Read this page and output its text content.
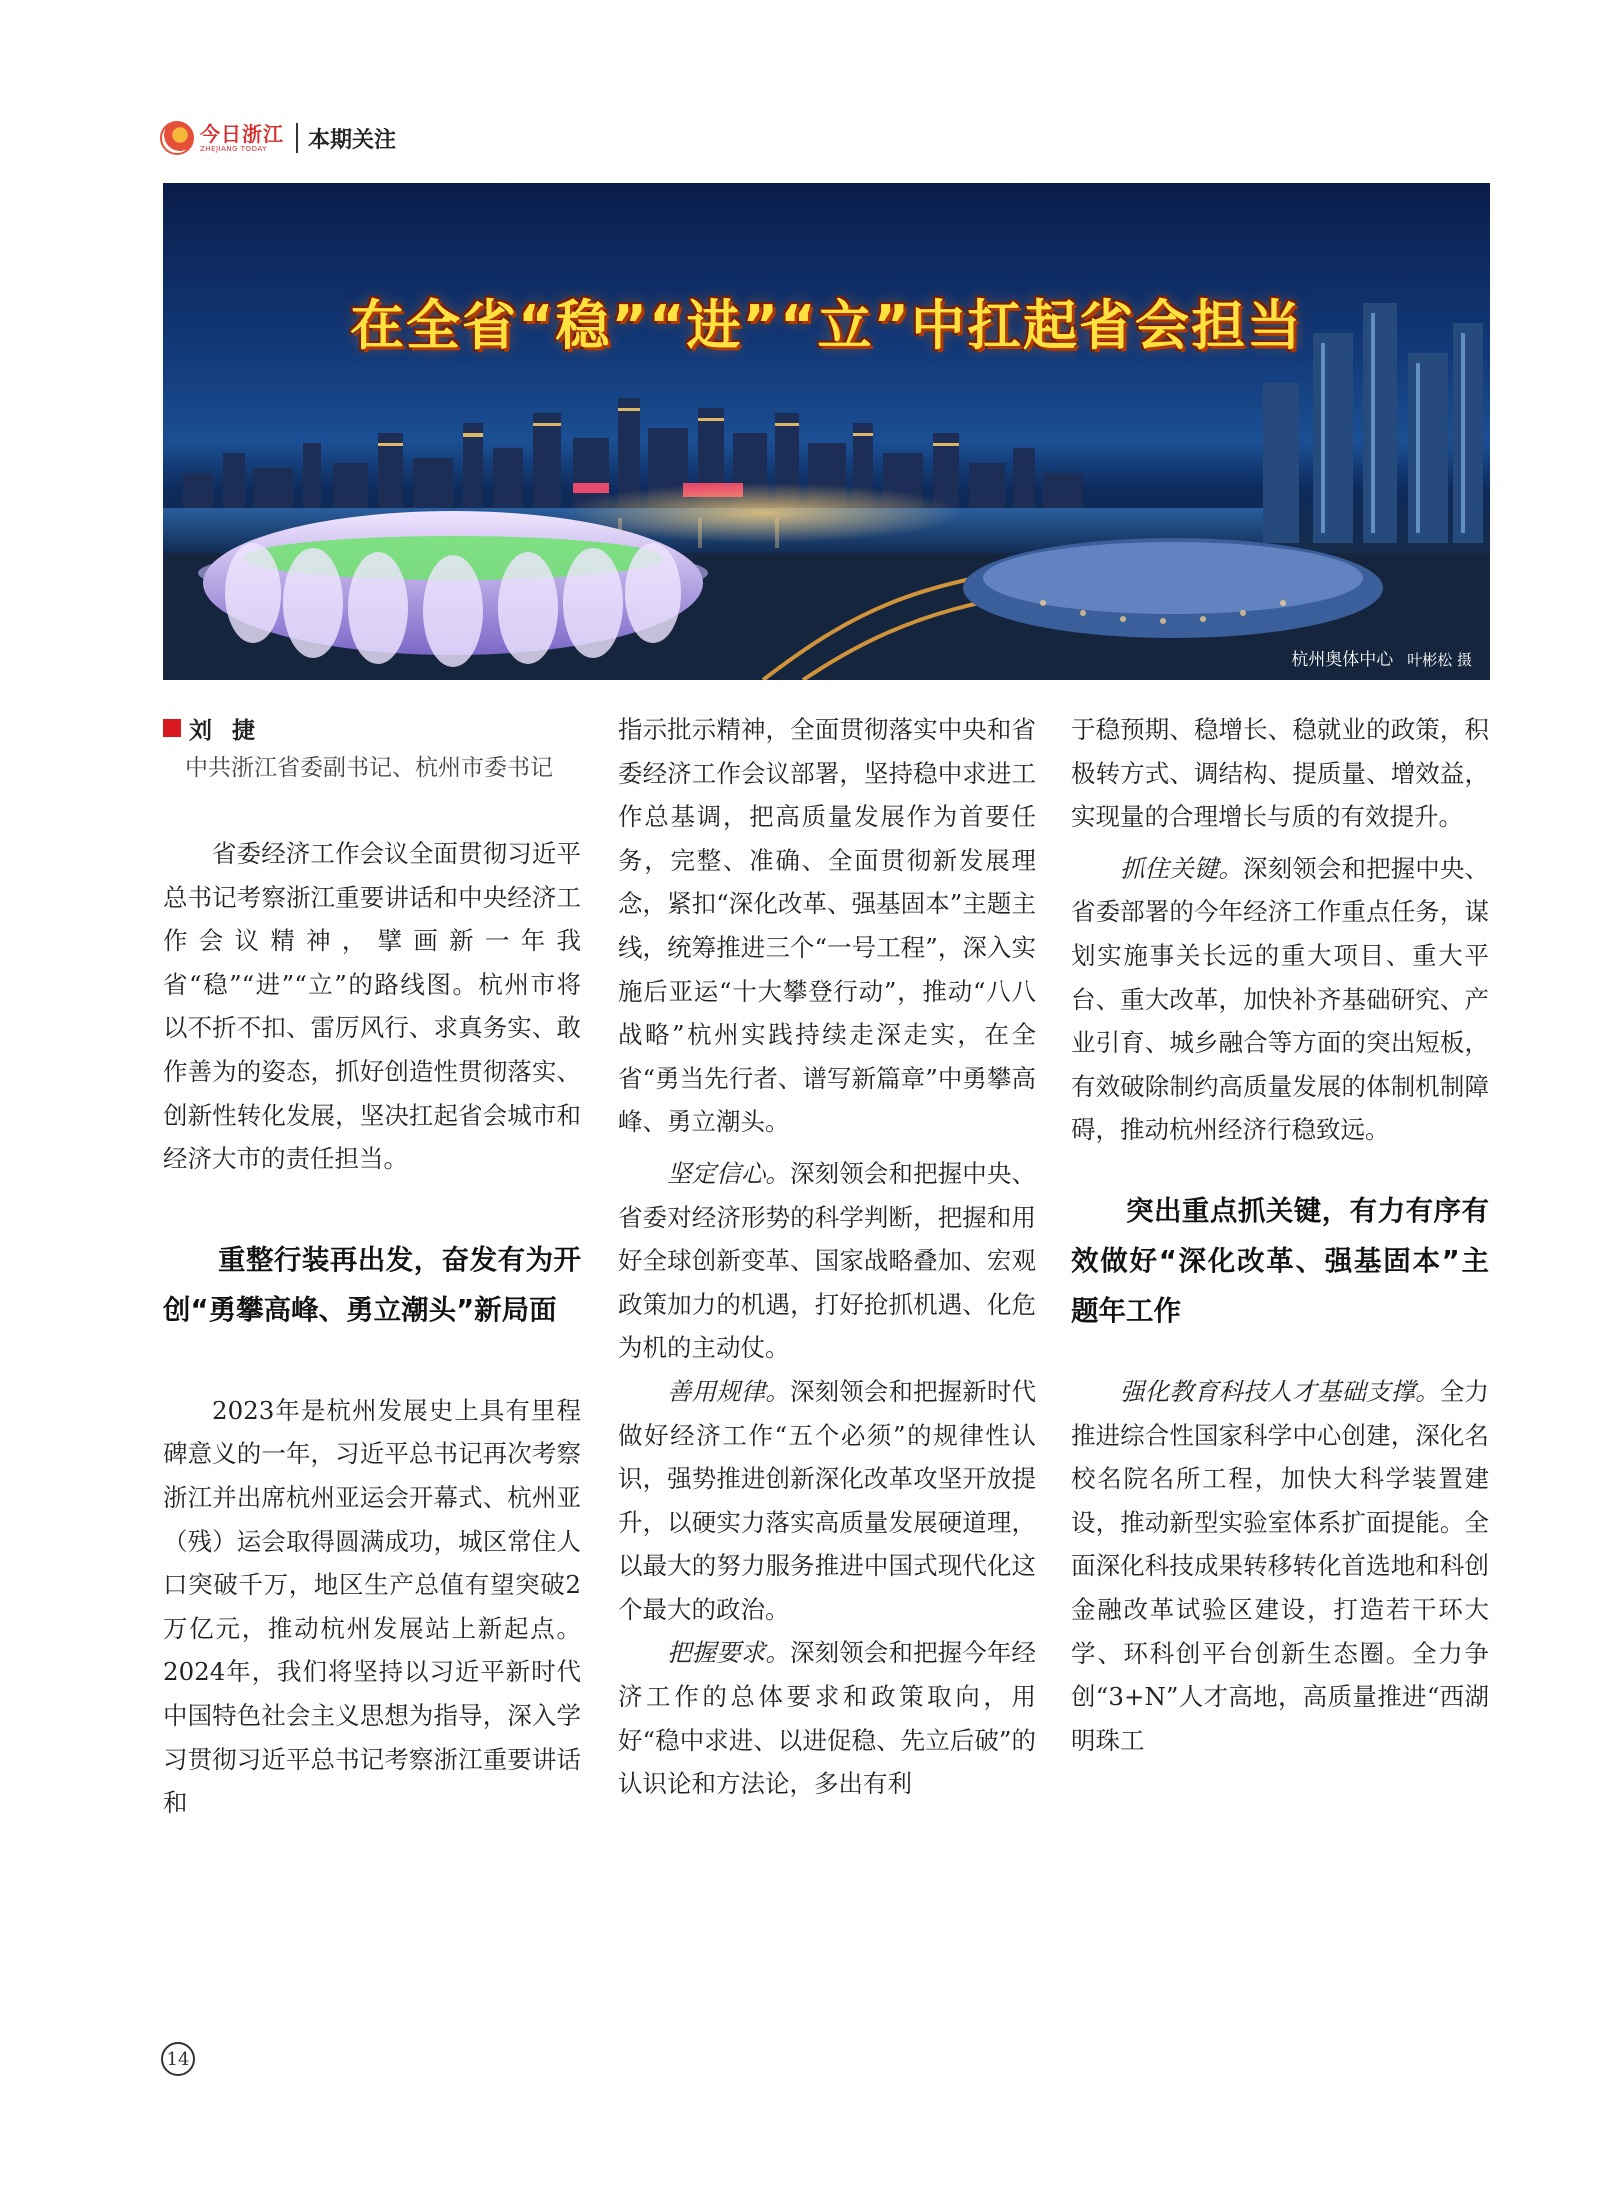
今日浙江
ZHEJIANG TODAY	本期关注
在全省“稳”“进”“立”中扛起省会担当
杭州奥体中心 叶彬松 摄
刘 捷
中共浙江省委副书记、杭州市委书记

省委经济工作会议全面贯彻习近平总书记考察浙江重要讲话和中央经济工作会议精神，擘画新一年我省“稳”“进”“立”的路线图。杭州市将以不折不扣、雷厉风行、求真务实、敢作善为的姿态，抓好创造性贯彻落实、创新性转化发展，坚决扛起省会城市和经济大市的责任担当。

重整行装再出发，奋发有为开创“勇攀高峰、勇立潮头”新局面

2023年是杭州发展史上具有里程碑意义的一年，习近平总书记再次考察浙江并出席杭州亚运会开幕式、杭州亚（残）运会取得圆满成功，城区常住人口突破千万，地区生产总值有望突破2万亿元，推动杭州发展站上新起点。2024年，我们将坚持以习近平新时代中国特色社会主义思想为指导，深入学习贯彻习近平总书记考察浙江重要讲话和

指示批示精神，全面贯彻落实中央和省委经济工作会议部署，坚持稳中求进工作总基调，把高质量发展作为首要任务，完整、准确、全面贯彻新发展理念，紧扣“深化改革、强基固本”主题主线，统筹推进三个“一号工程”，深入实施后亚运“十大攀登行动”，推动“八八战略”杭州实践持续走深走实，在全省“勇当先行者、谱写新篇章”中勇攀高峰、勇立潮头。

坚定信心。深刻领会和把握中央、省委对经济形势的科学判断，把握和用好全球创新变革、国家战略叠加、宏观政策加力的机遇，打好抢抓机遇、化危为机的主动仗。

善用规律。深刻领会和把握新时代做好经济工作“五个必须”的规律性认识，强势推进创新深化改革攻坚开放提升，以硬实力落实高质量发展硬道理，以最大的努力服务推进中国式现代化这个最大的政治。

把握要求。深刻领会和把握今年经济工作的总体要求和政策取向，用好“稳中求进、以进促稳、先立后破”的认识论和方法论，多出有利

于稳预期、稳增长、稳就业的政策，积极转方式、调结构、提质量、增效益，实现量的合理增长与质的有效提升。

抓住关键。深刻领会和把握中央、省委部署的今年经济工作重点任务，谋划实施事关长远的重大项目、重大平台、重大改革，加快补齐基础研究、产业引育、城乡融合等方面的突出短板，有效破除制约高质量发展的体制机制障碍，推动杭州经济行稳致远。

突出重点抓关键，有力有序有效做好“深化改革、强基固本”主题年工作

强化教育科技人才基础支撑。全力推进综合性国家科学中心创建，深化名校名院名所工程，加快大科学装置建设，推动新型实验室体系扩面提能。全面深化科技成果转移转化首选地和科创金融改革试验区建设，打造若干环大学、环科创平台创新生态圈。全力争创“3+N”人才高地，高质量推进“西湖明珠工

14
